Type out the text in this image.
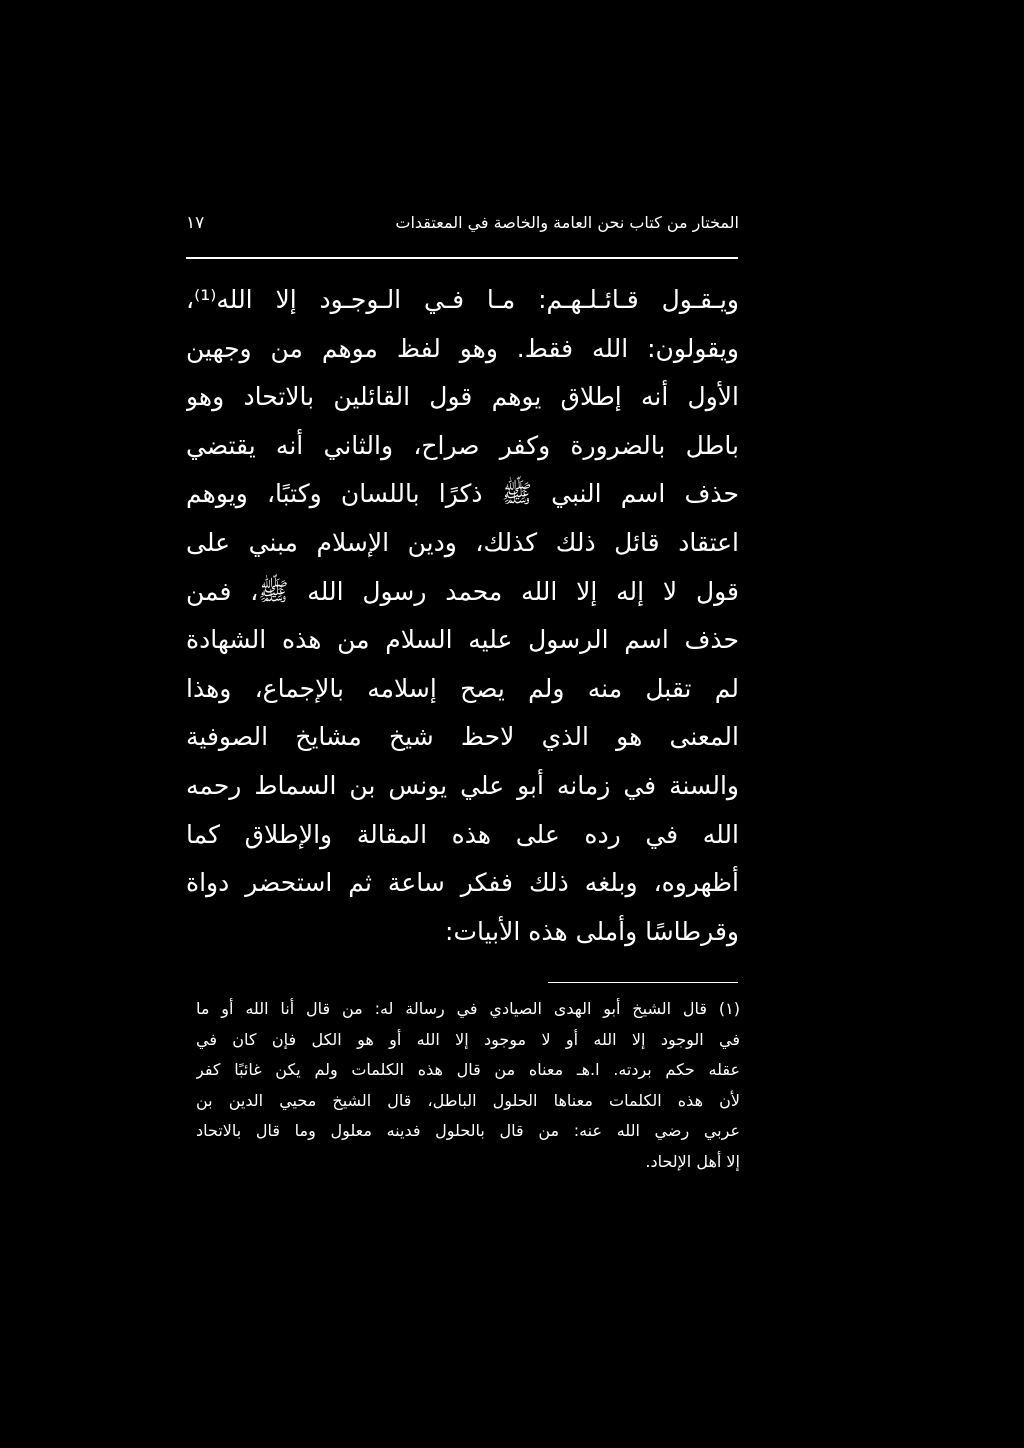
المختار من كتاب نحن العامة والخاصة في المعتقدات
١٧
ويـقـول قـائـلـهـم: مـا فـي الـوجـود إلا الله⁽¹⁾،
ويقولون: الله فقط. وهو لفظ موهم من وجهين
الأول أنه إطلاق يوهم قول القائلين بالاتحاد وهو
باطل بالضرورة وكفر صراح، والثاني أنه يقتضي
حذف اسم النبي ﷺ ذكرًا باللسان وكتبًا، ويوهم
اعتقاد قائل ذلك كذلك، ودين الإسلام مبني على
قول لا إله إلا الله محمد رسول الله ﷺ، فمن
حذف اسم الرسول عليه السلام من هذه الشهادة
لم تقبل منه ولم يصح إسلامه بالإجماع، وهذا
المعنى هو الذي لاحظ شيخ مشايخ الصوفية
والسنة في زمانه أبو علي يونس بن السماط رحمه
الله في رده على هذه المقالة والإطلاق كما
أظهروه، وبلغه ذلك ففكر ساعة ثم استحضر دواة
وقرطاسًا وأملى هذه الأبيات:
(١) قال الشيخ أبو الهدى الصيادي في رسالة له: من قال أنا الله أو ما
في الوجود إلا الله أو لا موجود إلا الله أو هو الكل فإن كان في
عقله حكم بردته. ا.هـ معناه من قال هذه الكلمات ولم يكن غائبًا كفر
لأن هذه الكلمات معناها الحلول الباطل، قال الشيخ محيي الدين بن
عربي رضي الله عنه: من قال بالحلول فدينه معلول وما قال بالاتحاد
إلا أهل الإلحاد.
